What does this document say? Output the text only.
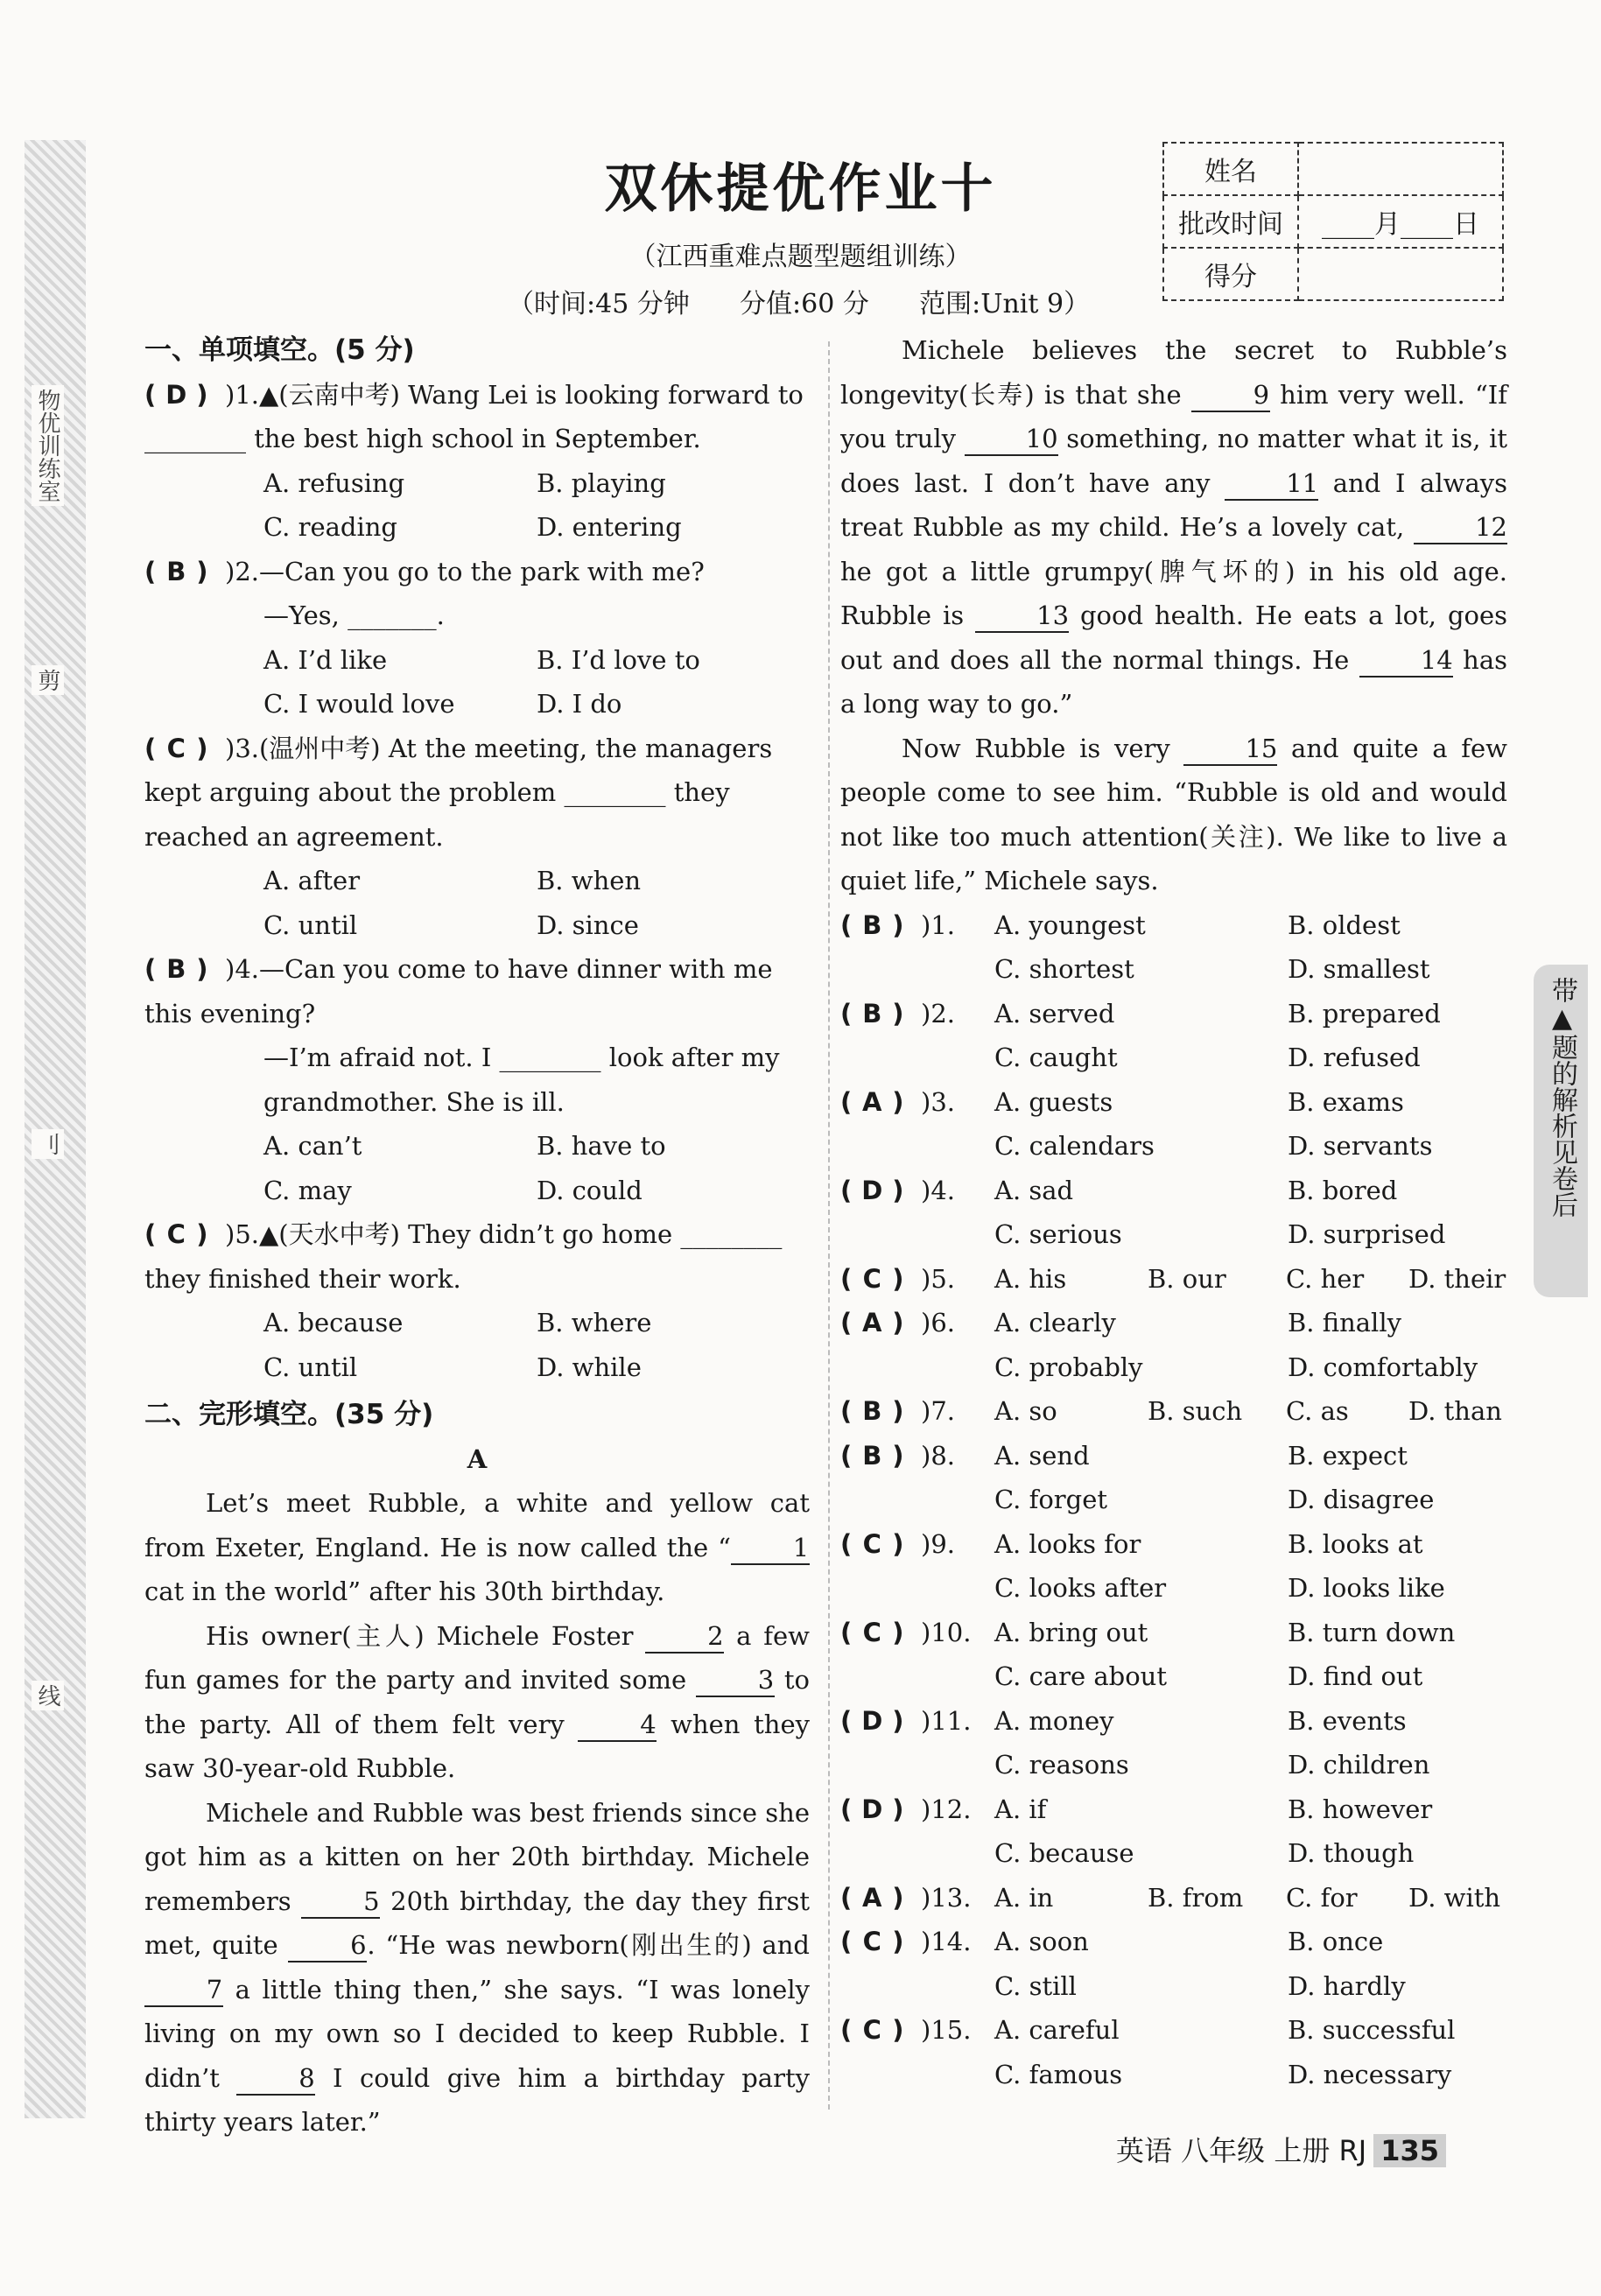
物优训练室
剪
刂
线
双休提优作业十
（江西重难点题型题组训练）
（时间:45 分钟 分值:60 分 范围:Unit 9）
姓名	
批改时间	____月____日
得分	

一、单项填空。(5 分)

( D ) )1.▲(云南中考) Wang Lei is looking forward to ________ the best high school in September.
A. refusing	B. playing
C. reading	D. entering
( B ) )2.—Can you go to the park with me?
—Yes, _______.
A. I’d like	B. I’d love to
C. I would love	D. I do
( C ) )3.(温州中考) At the meeting, the managers kept arguing about the problem ________ they reached an agreement.
A. after	B. when
C. until	D. since
( B ) )4.—Can you come to have dinner with me this evening?
—I’m afraid not. I ________ look after my grandmother. She is ill.
A. can’t	B. have to
C. may	D. could
( C ) )5.▲(天水中考) They didn’t go home ________ they finished their work.
A. because	B. where
C. until	D. while

二、完形填空。(35 分)

A

Let’s meet Rubble, a white and yellow cat from Exeter, England. He is now called the “ 1 cat in the world” after his 30th birthday.

His owner(主人) Michele Foster 2 a few fun games for the party and invited some 3 to the party. All of them felt very 4 when they saw 30-year-old Rubble.

Michele and Rubble was best friends since she got him as a kitten on her 20th birthday. Michele remembers 5 20th birthday, the day they first met, quite 6. “He was newborn(刚出生的) and 7 a little thing then,” she says. “I was lonely living on my own so I decided to keep Rubble. I didn’t 8 I could give him a birthday party thirty years later.”

Michele believes the secret to Rubble’s longevity(长寿) is that she 9 him very well. “If you truly 10 something, no matter what it is, it does last. I don’t have any 11 and I always treat Rubble as my child. He’s a lovely cat, 12 he got a little grumpy(脾气坏的) in his old age. Rubble is 13 good health. He eats a lot, goes out and does all the normal things. He 14 has a long way to go.”

Now Rubble is very 15 and quite a few people come to see him. “Rubble is old and would not like too much attention(关注). We like to live a quiet life,” Michele says.

( B ) )1.	A. youngest	B. oldest
C. shortest	D. smallest
( B ) )2.	A. served	B. prepared
C. caught	D. refused
( A ) )3.	A. guests	B. exams
C. calendars	D. servants
( D ) )4.	A. sad	B. bored
C. serious	D. surprised
( C ) )5.	A. his	B. our	C. her	D. their
( A ) )6.	A. clearly	B. finally
C. probably	D. comfortably
( B ) )7.	A. so	B. such	C. as	D. than
( B ) )8.	A. send	B. expect
C. forget	D. disagree
( C ) )9.	A. looks for	B. looks at
C. looks after	D. looks like
( C ) )10. A. bring out	B. turn down
C. care about	D. find out
( D ) )11. A. money	B. events
C. reasons	D. children
( D ) )12. A. if	B. however
C. because	D. though
( A ) )13. A. in	B. from	C. for	D. with
( C ) )14. A. soon	B. once
C. still	D. hardly
( C ) )15. A. careful	B. successful
C. famous	D. necessary
带▲题的解析见卷后
英语 八年级 上册 RJ 135
